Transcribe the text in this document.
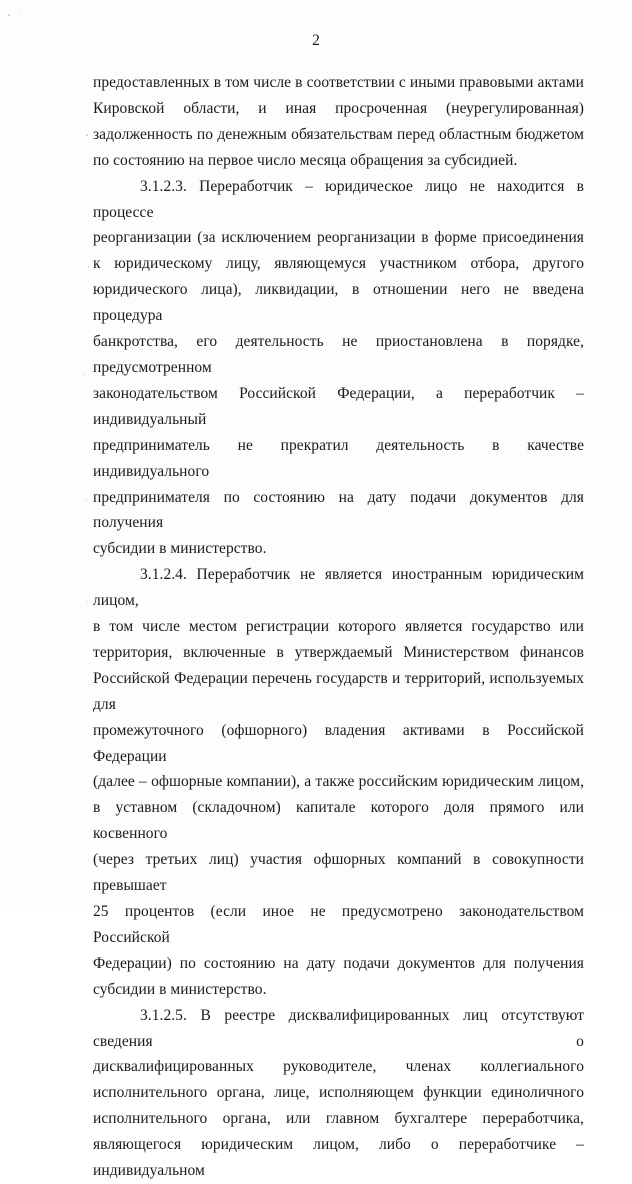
2

предоставленных в том числе в соответствии с иными правовыми актами

Кировской области, и иная просроченная (неурегулированная)

задолженность по денежным обязательствам перед областным бюджетом

по состоянию на первое число месяца обращения за субсидией.

3.1.2.3. Переработчик – юридическое лицо не находится в процессе

реорганизации (за исключением реорганизации в форме присоединения

к юридическому лицу, являющемуся участником отбора, другого

юридического лица), ликвидации, в отношении него не введена процедура

банкротства, его деятельность не приостановлена в порядке, предусмотренном

законодательством Российской Федерации, а переработчик – индивидуальный

предприниматель не прекратил деятельность в качестве индивидуального

предпринимателя по состоянию на дату подачи документов для получения

субсидии в министерство.

3.1.2.4. Переработчик не является иностранным юридическим лицом,

в том числе местом регистрации которого является государство или

территория, включенные в утверждаемый Министерством финансов

Российской Федерации перечень государств и территорий, используемых для

промежуточного (офшорного) владения активами в Российской Федерации

(далее – офшорные компании), а также российским юридическим лицом,

в уставном (складочном) капитале которого доля прямого или косвенного

(через третьих лиц) участия офшорных компаний в совокупности превышает

25 процентов (если иное не предусмотрено законодательством Российской

Федерации) по состоянию на дату подачи документов для получения

субсидии в министерство.

3.1.2.5. В реестре дисквалифицированных лиц отсутствуют сведения о

дисквалифицированных руководителе, членах коллегиального

исполнительного органа, лице, исполняющем функции единоличного

исполнительного органа, или главном бухгалтере переработчика,

являющегося юридическим лицом, либо о переработчике – индивидуальном
